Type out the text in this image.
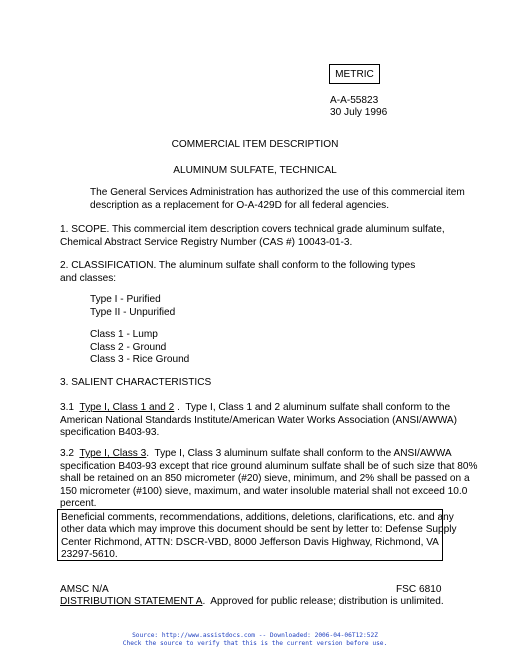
METRIC
A-A-55823
30 July 1996
COMMERCIAL ITEM DESCRIPTION
ALUMINUM SULFATE, TECHNICAL
The General Services Administration has authorized the use of this commercial item
description as a replacement for O-A-429D for all federal agencies.
1. SCOPE. This commercial item description covers technical grade aluminum sulfate,
Chemical Abstract Service Registry Number (CAS #) 10043-01-3.
2. CLASSIFICATION. The aluminum sulfate shall conform to the following types
and classes:
Type I - Purified
Type II - Unpurified
Class 1 - Lump
Class 2 - Ground
Class 3 - Rice Ground
3. SALIENT CHARACTERISTICS
3.1  Type I, Class 1 and 2 .  Type I, Class 1 and 2 aluminum sulfate shall conform to the
American National Standards Institute/American Water Works Association (ANSI/AWWA)
specification B403-93.
3.2  Type I, Class 3.  Type I, Class 3 aluminum sulfate shall conform to the ANSI/AWWA
specification B403-93 except that rice ground aluminum sulfate shall be of such size that 80%
shall be retained on an 850 micrometer (#20) sieve, minimum, and 2% shall be passed on a
150 micrometer (#100) sieve, maximum, and water insoluble material shall not exceed 10.0
percent.
Beneficial comments, recommendations, additions, deletions, clarifications, etc. and any
other data which may improve this document should be sent by letter to: Defense Supply
Center Richmond, ATTN: DSCR-VBD, 8000 Jefferson Davis Highway, Richmond, VA
23297-5610.
AMSC N/A	FSC 6810
DISTRIBUTION STATEMENT A.  Approved for public release; distribution is unlimited.
Source: http://www.assistdocs.com -- Downloaded: 2006-04-06T12:52Z
Check the source to verify that this is the current version before use.
